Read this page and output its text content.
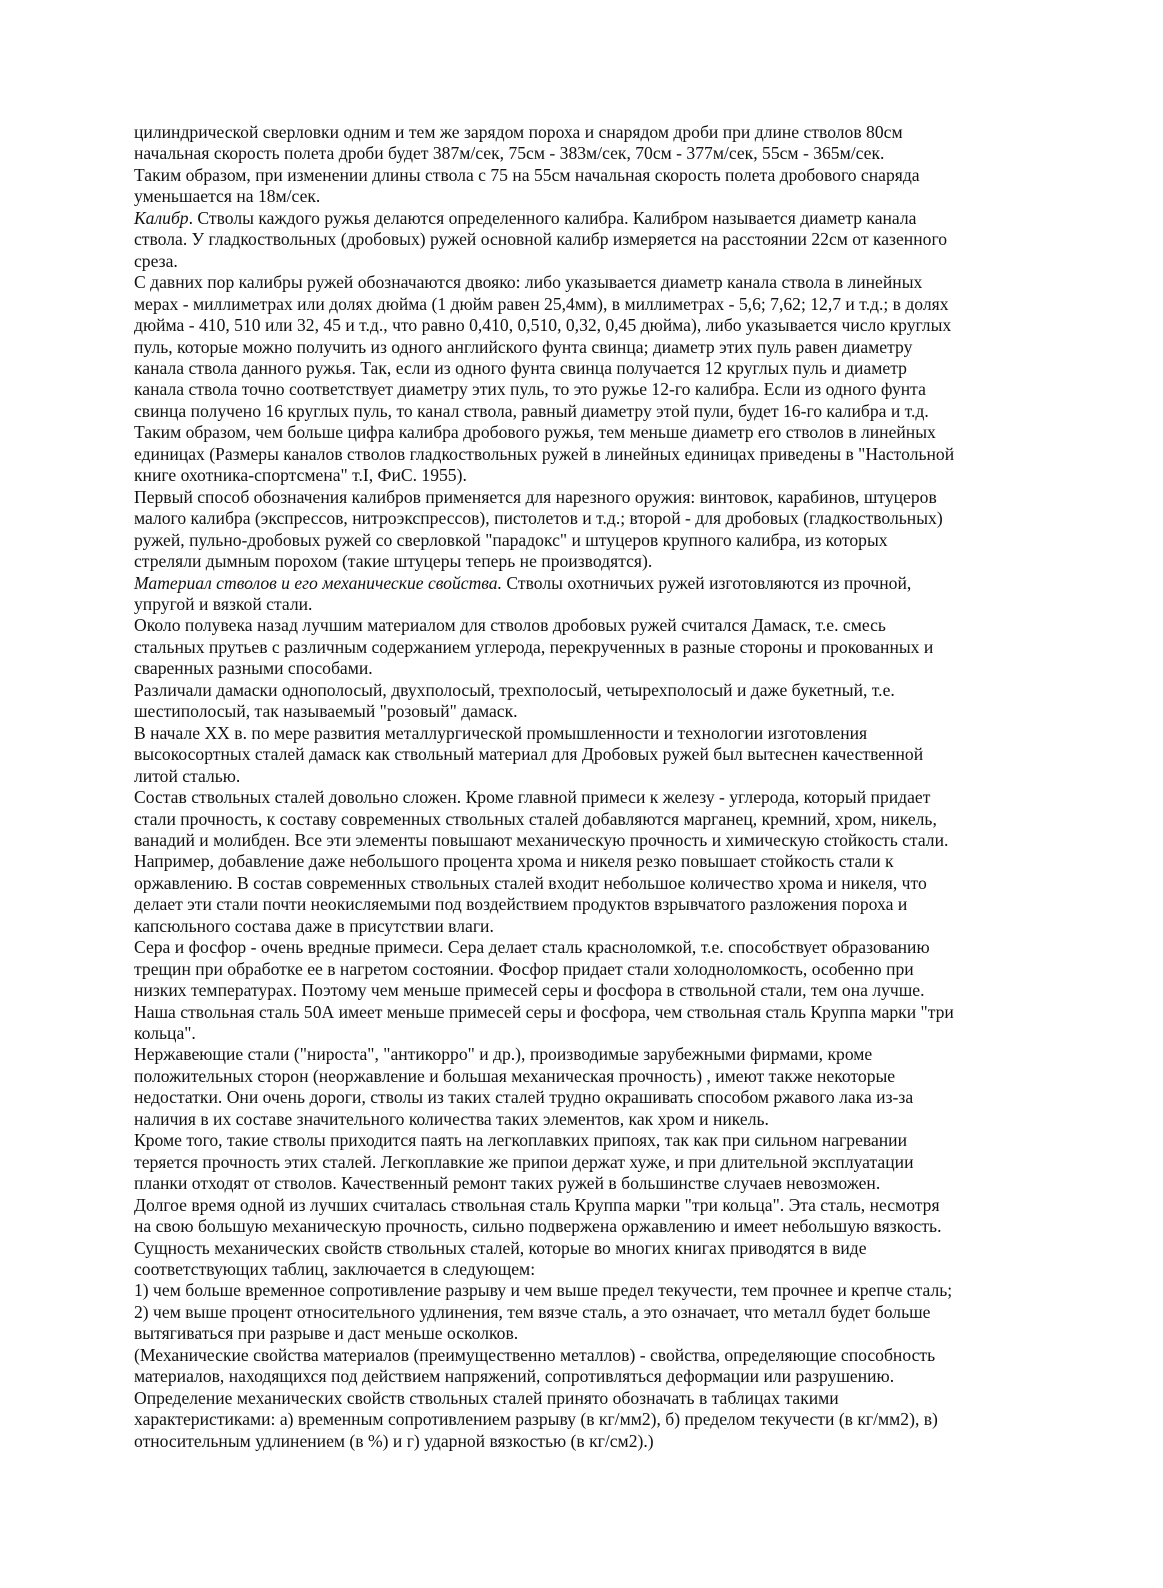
цилиндрической сверловки одним и тем же зарядом пороха и снарядом дроби при длине стволов 80см
начальная скорость полета дроби будет 387м/сек, 75см - 383м/сек, 70см - 377м/сек, 55см - 365м/сек.

Таким образом, при изменении длины ствола с 75 на 55см начальная скорость полета дробового снаряда
уменьшается на 18м/сек.

Калибр. Стволы каждого ружья делаются определенного калибра. Калибром называется диаметр канала
ствола. У гладкоствольных (дробовых) ружей основной калибр измеряется на расстоянии 22см от казенного
среза.

С давних пор калибры ружей обозначаются двояко: либо указывается диаметр канала ствола в линейных
мерах - миллиметрах или долях дюйма (1 дюйм равен 25,4мм), в миллиметрах - 5,6; 7,62; 12,7 и т.д.; в долях
дюйма - 410, 510 или 32, 45 и т.д., что равно 0,410, 0,510, 0,32, 0,45 дюйма), либо указывается число круглых
пуль, которые можно получить из одного английского фунта свинца; диаметр этих пуль равен диаметру
канала ствола данного ружья. Так, если из одного фунта свинца получается 12 круглых пуль и диаметр
канала ствола точно соответствует диаметру этих пуль, то это ружье 12-го калибра. Если из одного фунта
свинца получено 16 круглых пуль, то канал ствола, равный диаметру этой пули, будет 16-го калибра и т.д.

Таким образом, чем больше цифра калибра дробового ружья, тем меньше диаметр его стволов в линейных
единицах (Размеры каналов стволов гладкоствольных ружей в линейных единицах приведены в "Настольной
книге охотника-спортсмена" т.I, ФиС. 1955).

Первый способ обозначения калибров применяется для нарезного оружия: винтовок, карабинов, штуцеров
малого калибра (экспрессов, нитроэкспрессов), пистолетов и т.д.; второй - для дробовых (гладкоствольных)
ружей, пульно-дробовых ружей со сверловкой "парадокс" и штуцеров крупного калибра, из которых
стреляли дымным порохом (такие штуцеры теперь не производятся).

Материал стволов и его механические свойства. Стволы охотничьих ружей изготовляются из прочной,
упругой и вязкой стали.

Около полувека назад лучшим материалом для стволов дробовых ружей считался Дамаск, т.е. смесь
стальных прутьев с различным содержанием углерода, перекрученных в разные стороны и прокованных и
сваренных разными способами.

Различали дамаски однополосый, двухполосый, трехполосый, четырехполосый и даже букетный, т.е.
шестиполосый, так называемый "розовый" дамаск.

В начале XX в. по мере развития металлургической промышленности и технологии изготовления
высокосортных сталей дамаск как ствольный материал для Дробовых ружей был вытеснен качественной
литой сталью.

Состав ствольных сталей довольно сложен. Кроме главной примеси к железу - углерода, который придает
стали прочность, к составу современных ствольных сталей добавляются марганец, кремний, хром, никель,
ванадий и молибден. Все эти элементы повышают механическую прочность и химическую стойкость стали.
Например, добавление даже небольшого процента хрома и никеля резко повышает стойкость стали к
оржавлению. В состав современных ствольных сталей входит небольшое количество хрома и никеля, что
делает эти стали почти неокисляемыми под воздействием продуктов взрывчатого разложения пороха и
капсюльного состава даже в присутствии влаги.

Сера и фосфор - очень вредные примеси. Сера делает сталь красноломкой, т.е. способствует образованию
трещин при обработке ее в нагретом состоянии. Фосфор придает стали холодноломкость, особенно при
низких температурах. Поэтому чем меньше примесей серы и фосфора в ствольной стали, тем она лучше.
Наша ствольная сталь 50А имеет меньше примесей серы и фосфора, чем ствольная сталь Круппа марки "три
кольца".

Нержавеющие стали ("нироста", "антикорро" и др.), производимые зарубежными фирмами, кроме
положительных сторон (неоржавление и большая механическая прочность) , имеют также некоторые
недостатки. Они очень дороги, стволы из таких сталей трудно окрашивать способом ржавого лака из-за
наличия в их составе значительного количества таких элементов, как хром и никель.

Кроме того, такие стволы приходится паять на легкоплавких припоях, так как при сильном нагревании
теряется прочность этих сталей. Легкоплавкие же припои держат хуже, и при длительной эксплуатации
планки отходят от стволов. Качественный ремонт таких ружей в большинстве случаев невозможен.

Долгое время одной из лучших считалась ствольная сталь Круппа марки "три кольца". Эта сталь, несмотря
на свою большую механическую прочность, сильно подвержена оржавлению и имеет небольшую вязкость.

Сущность механических свойств ствольных сталей, которые во многих книгах приводятся в виде
соответствующих таблиц, заключается в следующем:

1) чем больше временное сопротивление разрыву и чем выше предел текучести, тем прочнее и крепче сталь;

2) чем выше процент относительного удлинения, тем вязче сталь, а это означает, что металл будет больше
вытягиваться при разрыве и даст меньше осколков.

(Механические свойства материалов (преимущественно металлов) - свойства, определяющие способность
материалов, находящихся под действием напряжений, сопротивляться деформации или разрушению.

Определение механических свойств ствольных сталей принято обозначать в таблицах такими
характеристиками: а) временным сопротивлением разрыву (в кг/мм2), б) пределом текучести (в кг/мм2), в)
относительным удлинением (в %) и г) ударной вязкостью (в кг/см2).)
